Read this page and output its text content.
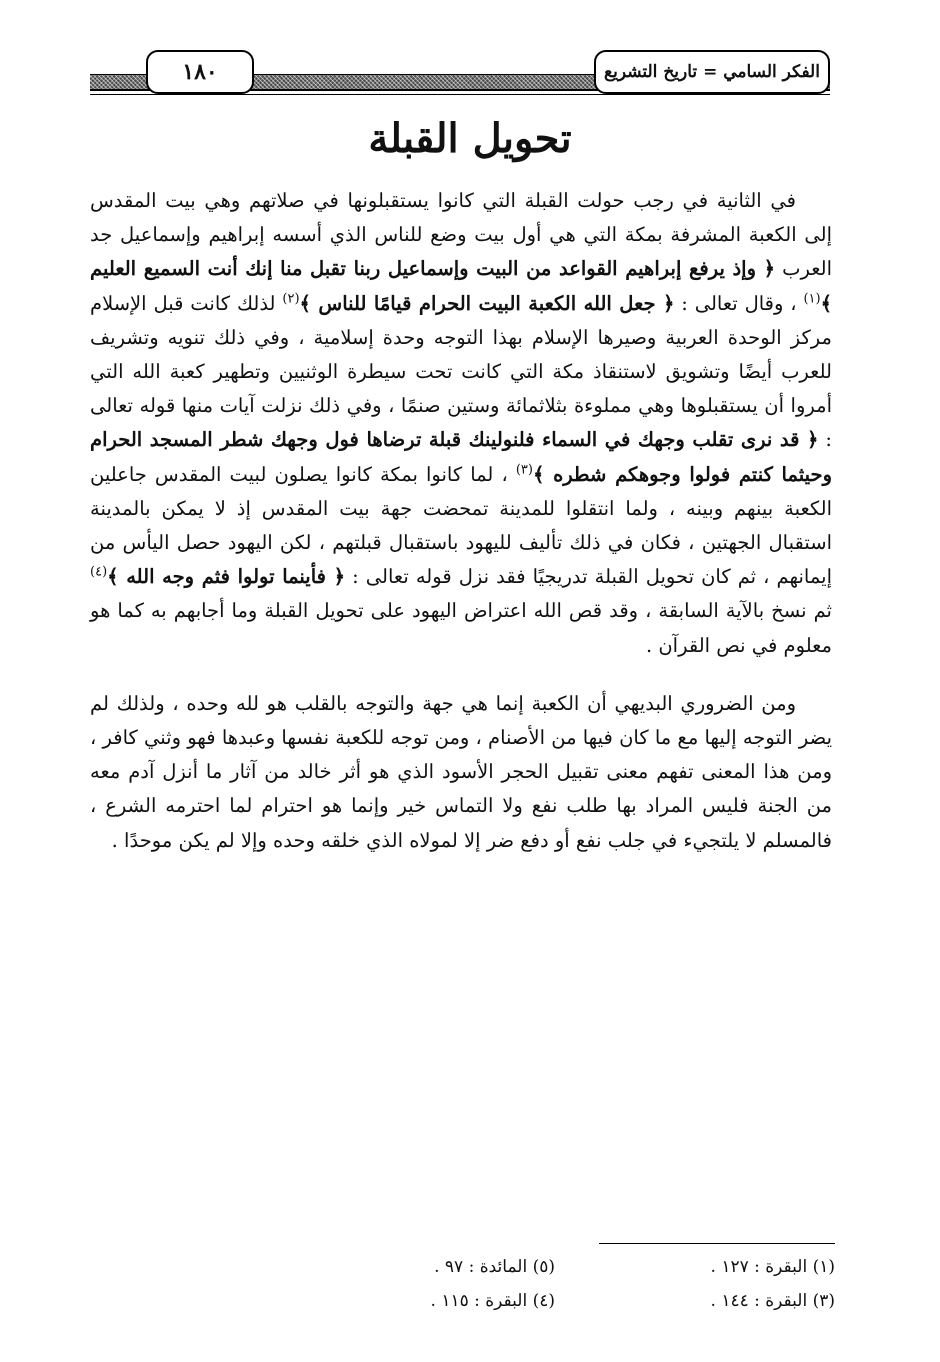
الفكر السامي = تاريخ التشريع
١٨٠
تحويل القبلة

في الثانية في رجب حولت القبلة التي كانوا يستقبلونها في صلاتهم وهي بيت المقدس إلى الكعبة المشرفة بمكة التي هي أول بيت وضع للناس الذي أسسه إبراهيم وإسماعيل جد العرب ﴿ وإذ يرفع إبراهيم القواعد من البيت وإسماعيل ربنا تقبل منا إنك أنت السميع العليم ﴾$^{(١)}$ ، وقال تعالى : ﴿ جعل الله الكعبة البيت الحرام قيامًا للناس ﴾$^{(٢)}$ لذلك كانت قبل الإسلام مركز الوحدة العربية وصيرها الإسلام بهذا التوجه وحدة إسلامية ، وفي ذلك تنويه وتشريف للعرب أيضًا وتشويق لاستنقاذ مكة التي كانت تحت سيطرة الوثنيين وتطهير كعبة الله التي أمروا أن يستقبلوها وهي مملوءة بثلاثمائة وستين صنمًا ، وفي ذلك نزلت آيات منها قوله تعالى : ﴿ قد نرى تقلب وجهك في السماء فلنولينك قبلة ترضاها فول وجهك شطر المسجد الحرام وحيثما كنتم فولوا وجوهكم شطره ﴾$^{(٣)}$ ، لما كانوا بمكة كانوا يصلون لبيت المقدس جاعلين الكعبة بينهم وبينه ، ولما انتقلوا للمدينة تمحضت جهة بيت المقدس إذ لا يمكن بالمدينة استقبال الجهتين ، فكان في ذلك تأليف لليهود باستقبال قبلتهم ، لكن اليهود حصل اليأس من إيمانهم ، ثم كان تحويل القبلة تدريجيًا فقد نزل قوله تعالى : ﴿ فأينما تولوا فثم وجه الله ﴾$^{(٤)}$ ثم نسخ بالآية السابقة ، وقد قص الله اعتراض اليهود على تحويل القبلة وما أجابهم به كما هو معلوم في نص القرآن .

ومن الضروري البديهي أن الكعبة إنما هي جهة والتوجه بالقلب هو لله وحده ، ولذلك لم يضر التوجه إليها مع ما كان فيها من الأصنام ، ومن توجه للكعبة نفسها وعبدها فهو وثني كافر ، ومن هذا المعنى تفهم معنى تقبيل الحجر الأسود الذي هو أثر خالد من آثار ما أنزل آدم معه من الجنة فليس المراد بها طلب نفع ولا التماس خير وإنما هو احترام لما احترمه الشرع ، فالمسلم لا يلتجيء في جلب نفع أو دفع ضر إلا لمولاه الذي خلقه وحده وإلا لم يكن موحدًا .

(١) البقرة : ١٢٧ .
(٥) المائدة : ٩٧ .
(٣) البقرة : ١٤٤ .
(٤) البقرة : ١١٥ .
